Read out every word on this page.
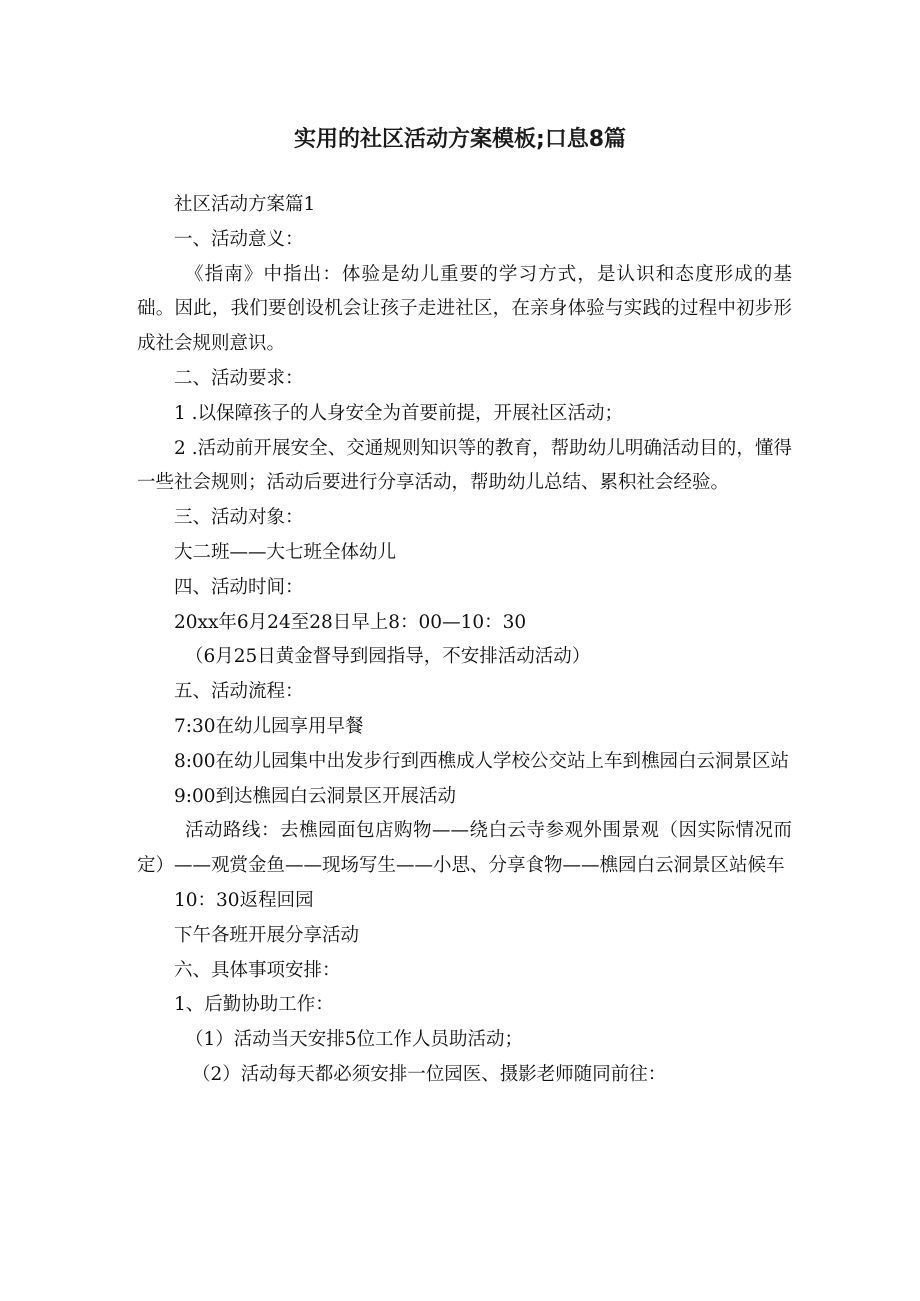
实用的社区活动方案模板;口息8篇

社区活动方案篇1

一、活动意义：

《指南》中指出：体验是幼儿重要的学习方式，是认识和态度形成的基础。因此，我们要创设机会让孩子走进社区，在亲身体验与实践的过程中初步形成社会规则意识。

二、活动要求：

1 .以保障孩子的人身安全为首要前提，开展社区活动；

2 .活动前开展安全、交通规则知识等的教育，帮助幼儿明确活动目的，懂得一些社会规则；活动后要进行分享活动，帮助幼儿总结、累积社会经验。

三、活动对象：

大二班——大七班全体幼儿

四、活动时间：

20xx年6月24至28日早上8：00—10：30

（6月25日黄金督导到园指导，不安排活动活动）

五、活动流程：

7:30在幼儿园享用早餐

8:00在幼儿园集中出发步行到西樵成人学校公交站上车到樵园白云洞景区站

9:00到达樵园白云洞景区开展活动

活动路线：去樵园面包店购物——绕白云寺参观外围景观（因实际情况而定）——观赏金鱼——现场写生——小思、分享食物——樵园白云洞景区站候车

10：30返程回园

下午各班开展分享活动

六、具体事项安排：

1、后勤协助工作：

（1）活动当天安排5位工作人员助活动；

（2）活动每天都必须安排一位园医、摄影老师随同前往：
